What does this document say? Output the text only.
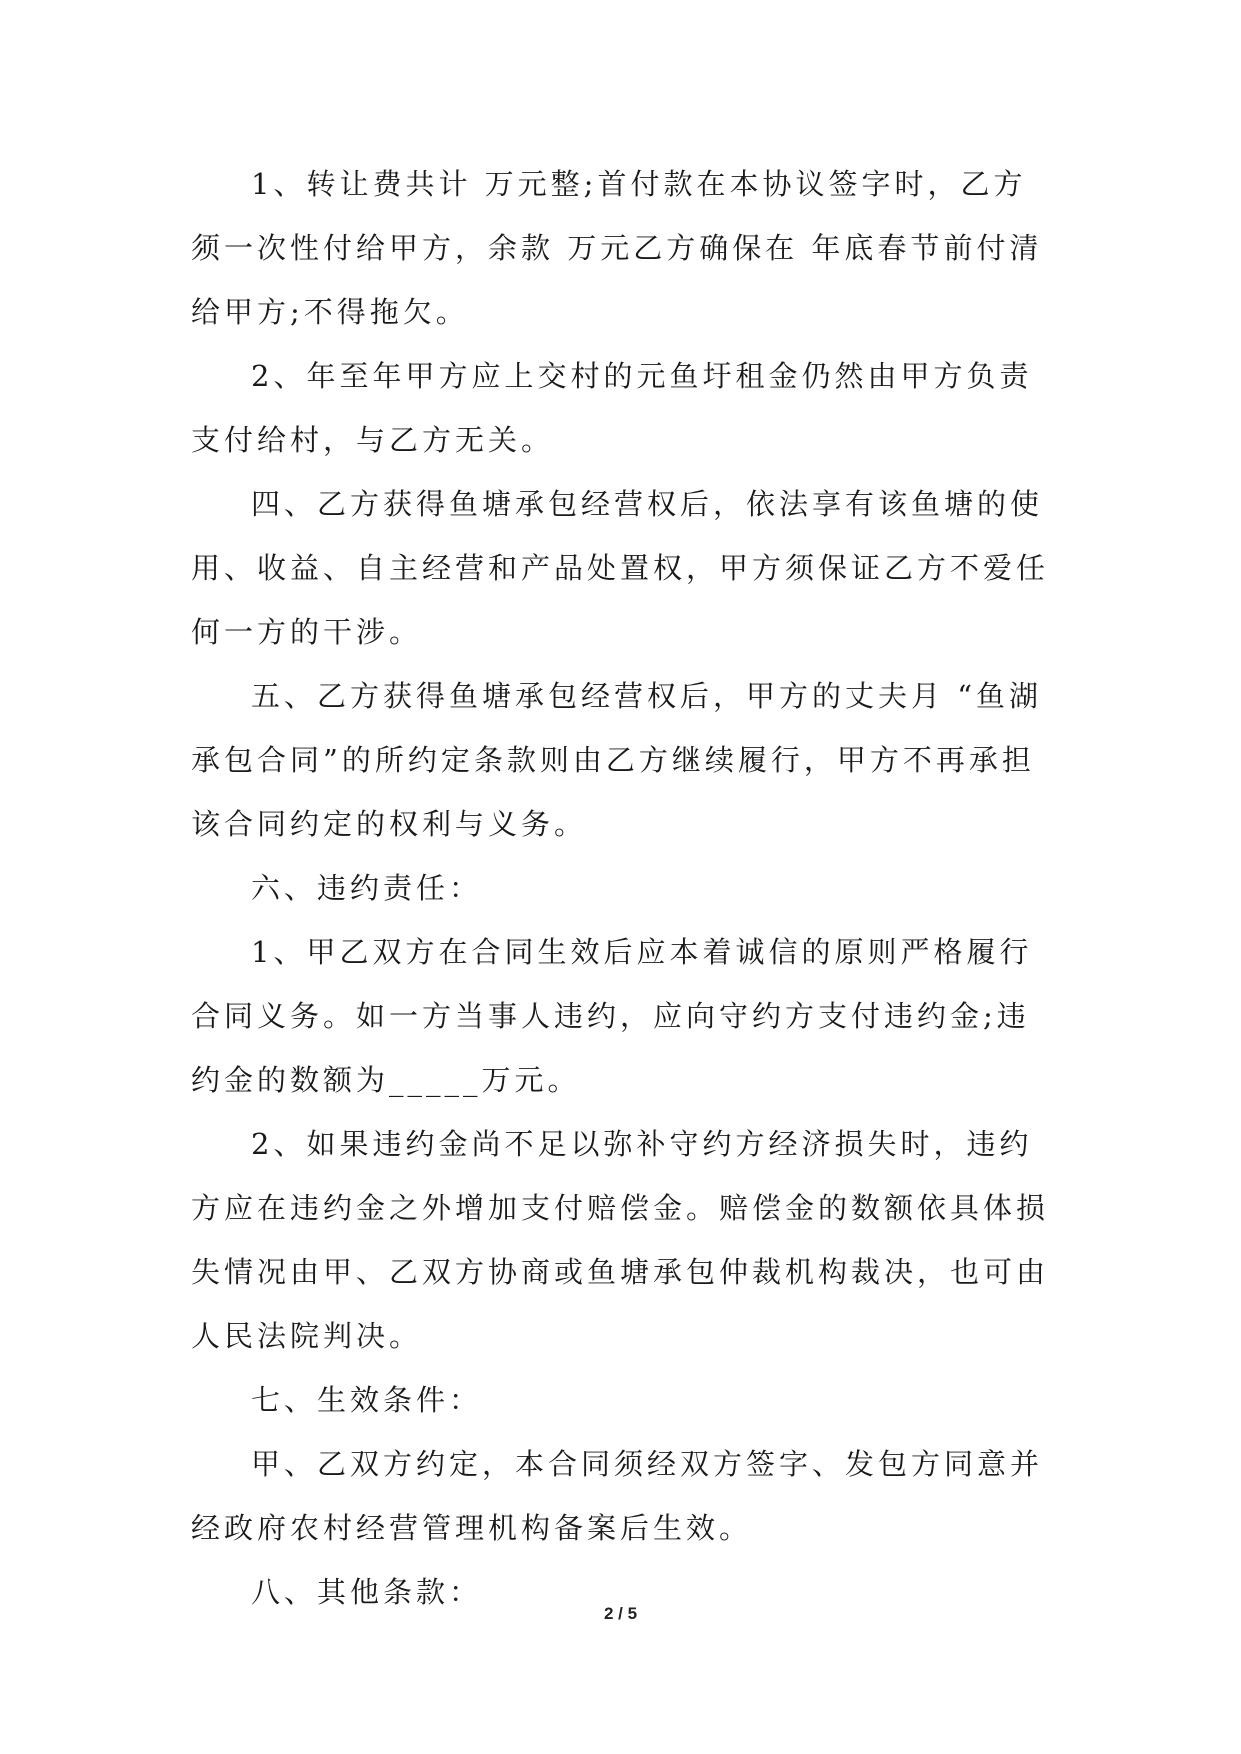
1、转让费共计 万元整;首付款在本协议签字时，乙方须一次性付给甲方，余款 万元乙方确保在 年底春节前付清给甲方;不得拖欠。

2、年至年甲方应上交村的元鱼圩租金仍然由甲方负责支付给村，与乙方无关。

四、乙方获得鱼塘承包经营权后，依法享有该鱼塘的使用、收益、自主经营和产品处置权，甲方须保证乙方不爱任何一方的干涉。

五、乙方获得鱼塘承包经营权后，甲方的丈夫月 “鱼湖承包合同”的所约定条款则由乙方继续履行，甲方不再承担该合同约定的权利与义务。

六、违约责任：

1、甲乙双方在合同生效后应本着诚信的原则严格履行合同义务。如一方当事人违约，应向守约方支付违约金;违约金的数额为_____万元。

2、如果违约金尚不足以弥补守约方经济损失时，违约方应在违约金之外增加支付赔偿金。赔偿金的数额依具体损失情况由甲、乙双方协商或鱼塘承包仲裁机构裁决，也可由人民法院判决。

七、生效条件：

甲、乙双方约定，本合同须经双方签字、发包方同意并经政府农村经营管理机构备案后生效。

八、其他条款：

2 / 5
